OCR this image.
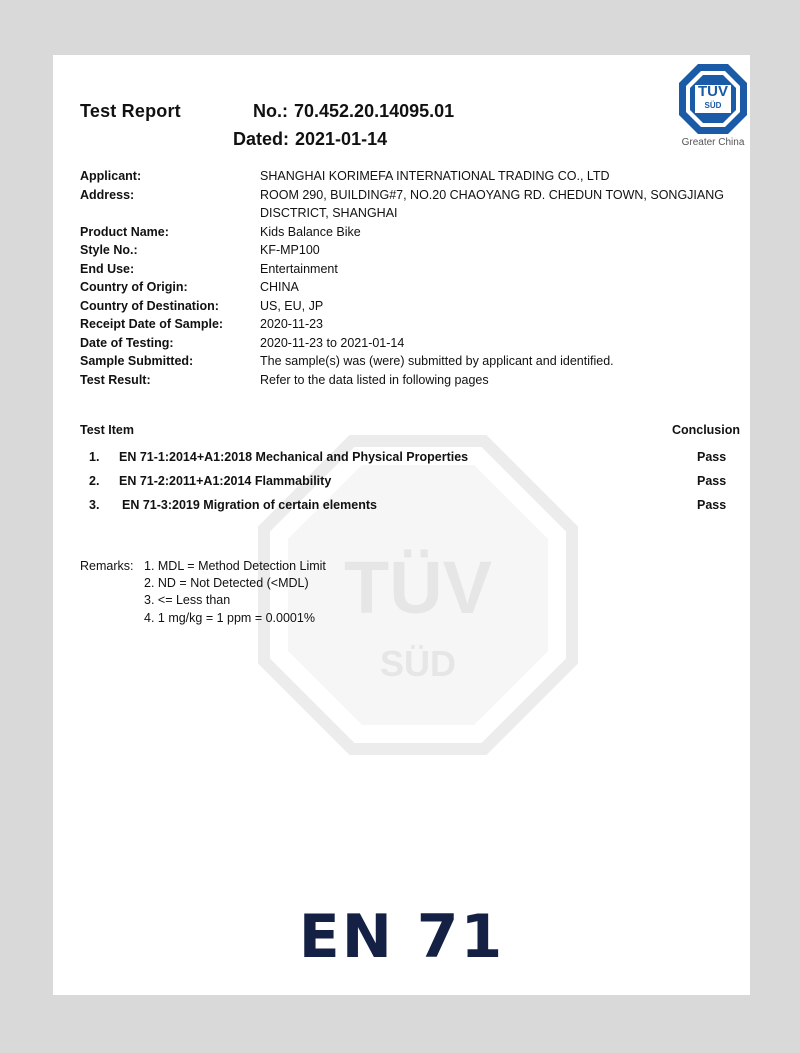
TÜV
SÜD
TÜV
SÜD
Greater China
Test Report	No.: 70.452.20.14095.01
Dated: 2021-01-14
Applicant:	SHANGHAI KORIMEFA INTERNATIONAL TRADING CO., LTD
Address:	ROOM 290, BUILDING#7, NO.20 CHAOYANG RD. CHEDUN TOWN, SONGJIANG DISCTRICT, SHANGHAI
Product Name:	Kids Balance Bike
Style No.:	KF-MP100
End Use:	Entertainment
Country of Origin:	CHINA
Country of Destination:	US, EU, JP
Receipt Date of Sample:	2020-11-23
Date of Testing:	2020-11-23 to 2021-01-14
Sample Submitted:	The sample(s) was (were) submitted by applicant and identified.
Test Result:	Refer to the data listed in following pages
Test Item	Conclusion
1.	EN 71-1:2014+A1:2018 Mechanical and Physical Properties	Pass
2.	EN 71-2:2011+A1:2014 Flammability	Pass
3.	EN 71-3:2019 Migration of certain elements	Pass
Remarks: 1. MDL = Method Detection Limit
2. ND = Not Detected (<MDL)
3. <= Less than
4. 1 mg/kg = 1 ppm = 0.0001%
EN 71
